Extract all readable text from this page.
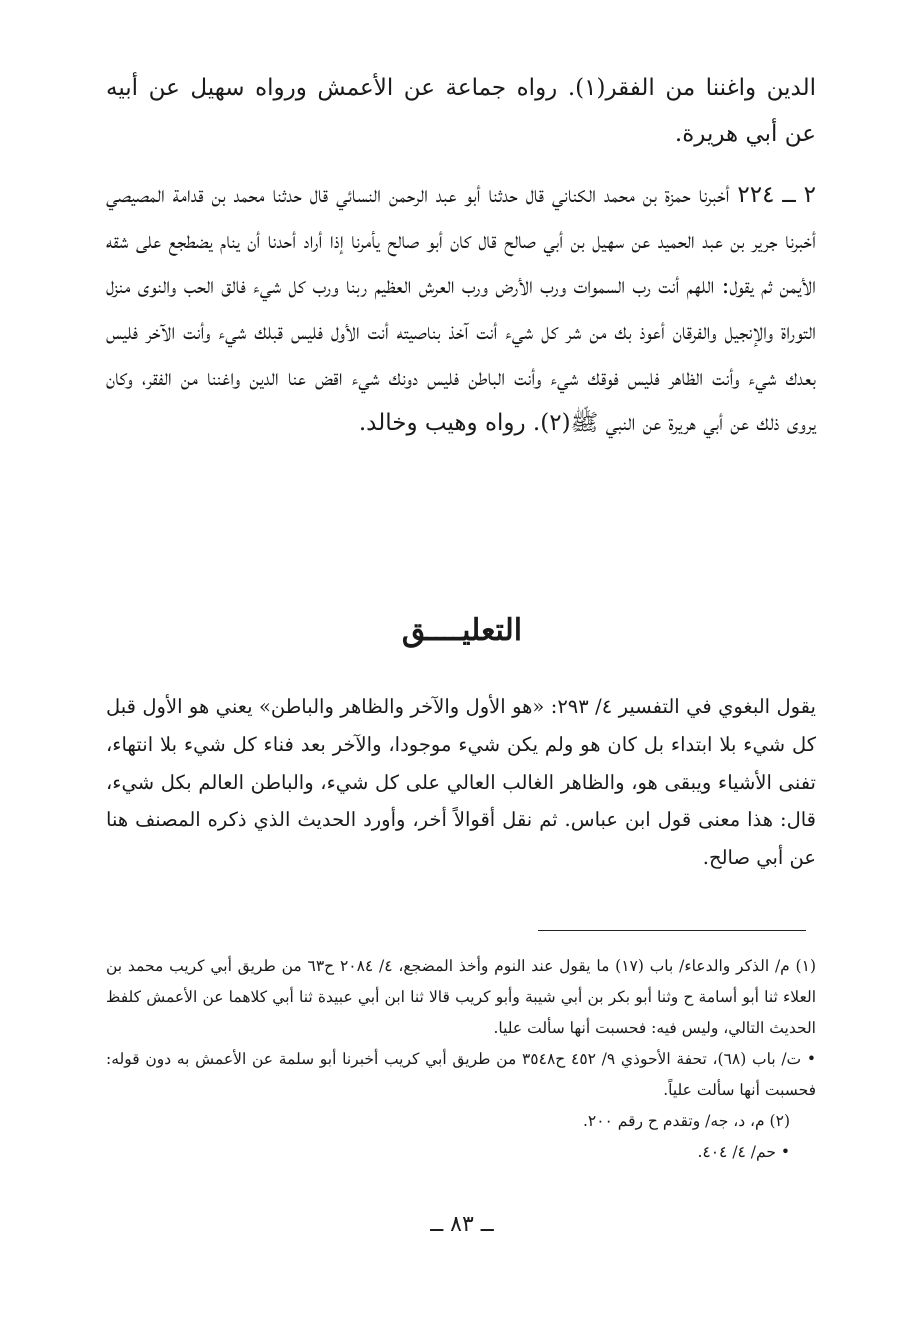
الدين واغننا من الفقر(١). رواه جماعة عن الأعمش ورواه سهيل عن أبيه عن أبي هريرة.

٢ ــ ٢٢٤ أخبرنا حمزة بن محمد الكناني قال حدثنا أبو عبد الرحمن النسائي قال حدثنا محمد بن قدامة المصيصي أخبرنا جرير بن عبد الحميد عن سهيل بن أبي صالح قال كان أبو صالح يأمرنا إذا أراد أحدنا أن ينام يضطجع على شقه الأيمن ثم يقول: اللهم أنت رب السموات ورب الأرض ورب العرش العظيم ربنا ورب كل شيء فالق الحب والنوى منزل التوراة والإنجيل والفرقان أعوذ بك من شر كل شيء أنت آخذ بناصيته أنت الأول فليس قبلك شيء وأنت الآخر فليس بعدك شيء وأنت الظاهر فليس فوقك شيء وأنت الباطن فليس دونك شيء اقض عنا الدين واغننا من الفقر، وكان يروى ذلك عن أبي هريرة عن النبي ﷺ(٢). رواه وهيب وخالد.

التعليــــق

يقول البغوي في التفسير ٤/ ٢٩٣: «هو الأول والآخر والظاهر والباطن» يعني هو الأول قبل كل شيء بلا ابتداء بل كان هو ولم يكن شيء موجودا، والآخر بعد فناء كل شيء بلا انتهاء، تفنى الأشياء ويبقى هو، والظاهر الغالب العالي على كل شيء، والباطن العالم بكل شيء، قال: هذا معنى قول ابن عباس. ثم نقل أقوالاً أخر، وأورد الحديث الذي ذكره المصنف هنا عن أبي صالح.

(١) م/ الذكر والدعاء/ باب (١٧) ما يقول عند النوم وأخذ المضجع، ٤/ ٢٠٨٤ ح٦٣ من طريق أبي كريب محمد بن العلاء ثنا أبو أسامة ح وثنا أبو بكر بن أبي شيبة وأبو كريب قالا ثنا ابن أبي عبيدة ثنا أبي كلاهما عن الأعمش كلفظ الحديث التالي، وليس فيه: فحسبت أنها سألت عليا.

• ت/ باب (٦٨)، تحفة الأحوذي ٩/ ٤٥٢ ح٣٥٤٨ من طريق أبي كريب أخبرنا أبو سلمة عن الأعمش به دون قوله: فحسبت أنها سألت علياً.

(٢) م، د، جه/ وتقدم ح رقم ٢٠٠.

• حم/ ٤/ ٤٠٤.

ــ ٨٣ ــ
